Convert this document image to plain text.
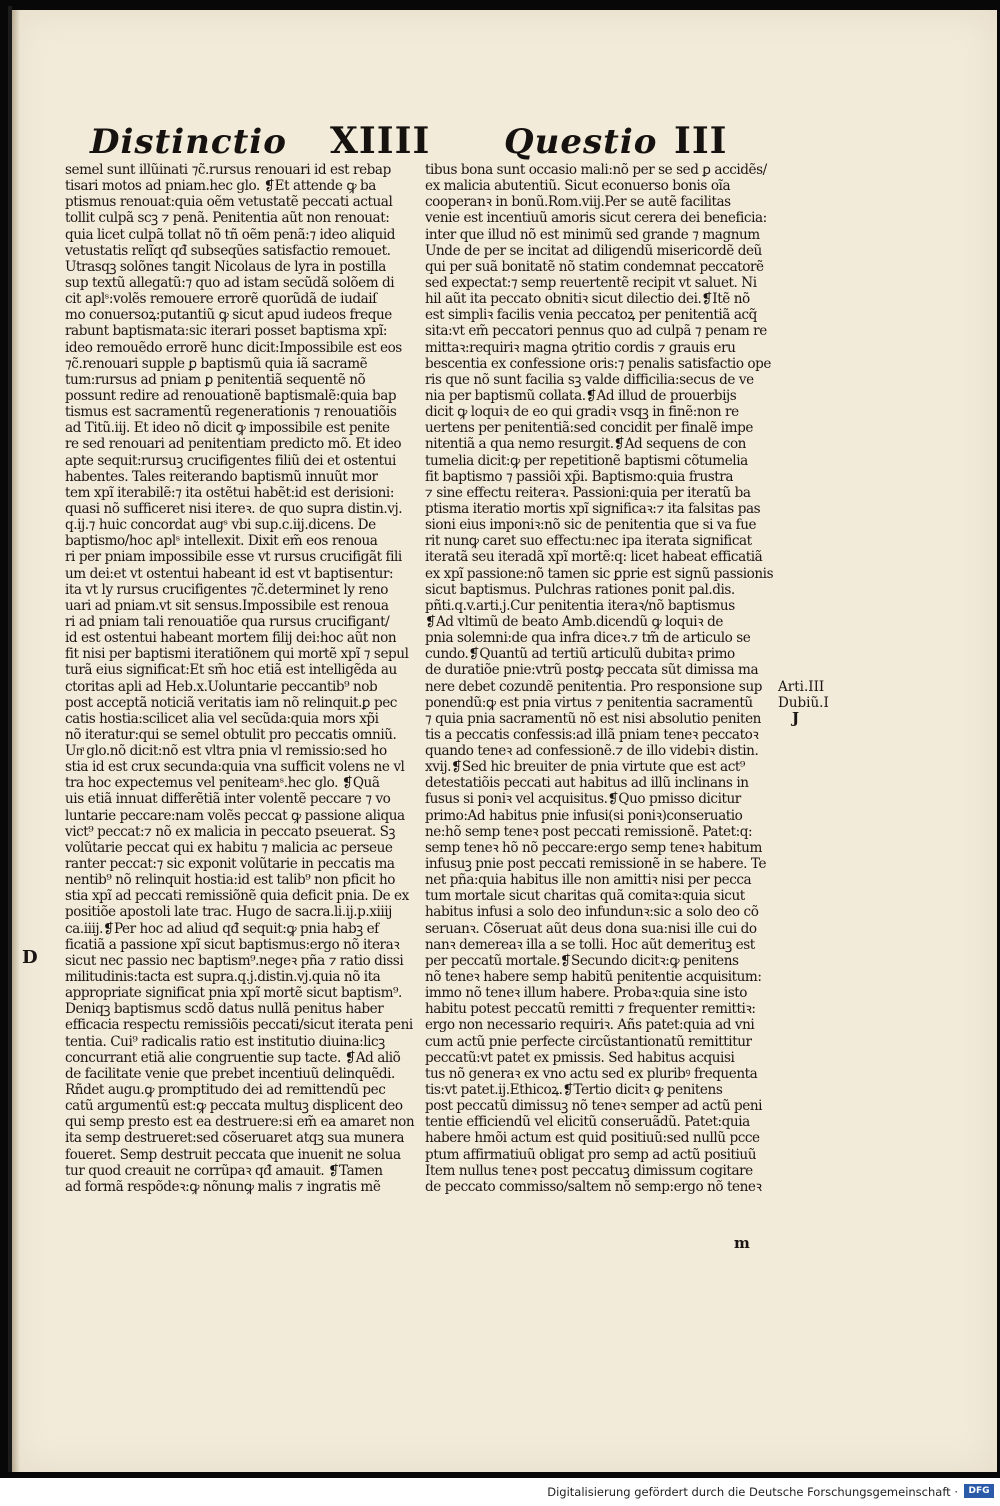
Distinctio XIIII Questio III
semel sunt illũinati ⁊c̃.rursus renouari id est rebap
tisari motos ad pniam.hec glo. ❡Et attende ꝙ ba
ptismus renouat:quia oẽm vetustatẽ peccati actual
tollit culpã scꝫ ⁊ penã. Penitentia aũt non renouat:
quia licet culpã tollat nõ tñ oẽm penã:⁊ ideo aliquid
vetustatis relĩqt qđ subseqũes satisfactio remouet.
Utrasqꝫ solõnes tangit Nicolaus de lyra in postilla
sup textũ allegatũ:⁊ quo ad istam secũdã solõem di
cit aplˢ:volẽs remouere errorẽ quorũdã de iudaiſ
mo conuersoꝝ:putantiũ ꝙ sicut apud iudeos freque
rabunt baptismata:sic iterari posset baptisma xpĩ:
ideo remouẽdo errorẽ hunc dicit:Impossibile est eos
⁊c̃.renouari supple ꝑ baptismũ quia iã sacramẽ
tum:rursus ad pniam ꝑ penitentiã sequentẽ nõ
possunt redire ad renouationẽ baptismalẽ:quia bap
tismus est sacramentũ regenerationis ⁊ renouatiõis
ad Titũ.iij. Et ideo nõ dicit ꝙ impossibile est penite
re sed renouari ad penitentiam predicto mõ. Et ideo
apte sequit:rursuꝫ crucifigentes filiũ dei et ostentui
habentes. Tales reiterando baptismũ innuũt mor
tem xpĩ iterabilẽ:⁊ ita ostẽtui habẽt:id est derisioni:
quasi nõ sufficeret nisi itereꝛ. de quo supra distin.vj.
q.ij.⁊ huic concordat augˢ vbi sup.c.iij.dicens. De
baptismo/hoc aplˢ intellexit. Dixit em̃ eos renoua
ri per pniam impossibile esse vt rursus crucifigãt fili
um dei:et vt ostentui habeant id est vt baptisentur:
ita vt ly rursus crucifigentes ⁊c̃.determinet ly reno
uari ad pniam.vt sit sensus.Impossibile est renoua
ri ad pniam tali renouatiõe qua rursus crucifigant/
id est ostentui habeant mortem filij dei:hoc aũt non
fit nisi per baptismi iteratiõnem qui mortẽ xpĩ ⁊ sepul
turã eius significat:Et sm̃ hoc etiã est intelligẽda au
ctoritas apli ad Heb.x.Uoluntarie peccantib⁹ nob
post acceptã noticiã veritatis iam nõ relinquit.ꝑ pec
catis hostia:scilicet alia vel secũda:quia mors xp̃i
nõ iteratur:qui se semel obtulit pro peccatis omniũ.
Unͣ glo.nõ dicit:nõ est vltra pnia vl̃ remissio:sed ho
stia id est crux secunda:quia vna sufficit volens ne vl
tra hoc expectemus vel peniteamˢ.hec glo. ❡Quã
uis etiã innuat differẽtiã inter volentẽ peccare ⁊ vo
luntarie peccare:nam volẽs peccat ꝙ passione aliqua
vict⁹ peccat:⁊ nõ ex malicia in peccato pseuerat. Sꝫ
volũtarie peccat qui ex habitu ⁊ malicia ac perseue
ranter peccat:⁊ sic exponit volũtarie in peccatis ma
nentib⁹ nõ relinquit hostia:id est talib⁹ non pficit ho
stia xpĩ ad peccati remissiõnẽ quia deficit pnia. De ex
positiõe apostoli late trac. Hugo de sacra.li.ij.p.xiiij
ca.iiij.❡Per hoc ad aliud qđ sequit:ꝙ pnia habꝫ ef
ficatiã a passione xpĩ sicut baptismus:ergo nõ iteraꝛ
sicut nec passio nec baptism⁹.negeꝛ pña ⁊ ratio dissi
militudinis:tacta est supra.q.j.distin.vj.quia nõ ita
appropriate significat pnia xpĩ mortẽ sicut baptism⁹.
Deniqꝫ baptismus scdõ datus nullã penitus haber
efficacia respectu remissiõis peccati/sicut iterata peni
tentia. Cui⁹ radicalis ratio est institutio diuina:licꝫ
concurrant etiã alie congruentie sup tacte. ❡Ad aliõ
de facilitate venie que prebet incentiuũ delinquẽdi.
Rñdet augu.ꝙ promptitudo dei ad remittendũ pec
catũ argumentũ est:ꝙ peccata multuꝫ displicent deo
qui semp presto est ea destruere:si em̃ ea amaret non
ita semp destrueret:sed cõseruaret atqꝫ sua munera
foueret. Semp destruit peccata que inuenit ne solua
tur quod creauit ne corrũpaꝛ qđ amauit. ❡Tamen
ad formã respõdeꝛ:ꝙ nõnunꝙ malis ⁊ ingratis mẽ
tibus bona sunt occasio mali:nõ per se sed ꝑ accidẽs/
ex malicia abutentiũ. Sicut econuerso bonis oĩa
cooperanꝛ in bonũ.Rom.viij.Per se autẽ facilitas
venie est incentiuũ amoris sicut cerera dei beneficia:
inter que illud nõ est minimũ sed grande ⁊ magnum
Unde de per se incitat ad diligendũ misericordẽ deũ
qui per suã bonitatẽ nõ statim condemnat peccatorẽ
sed expectat:⁊ semp reuertentẽ recipit vt saluet. Ni
hil aũt ita peccato obnitiꝛ sicut dilectio dei.❡Itẽ nõ
est simpliꝛ facilis venia peccatoꝝ per penitentiã acq̃
sita:vt em̃ peccatori pennus quo ad culpã ⁊ penam re
mittaꝛ:requiriꝛ magna ꝯtritio cordis ⁊ grauis eru
bescentia ex confessione oris:⁊ penalis satisfactio ope
ris que nõ sunt facilia sꝫ valde difficilia:secus de ve
nia per baptismũ collata.❡Ad illud de prouerbijs
dicit ꝙ loquiꝛ de eo qui gradiꝛ vsqꝫ in finẽ:non re
uertens per penitentiã:sed concidit per finalẽ impe
nitentiã a qua nemo resurgit.❡Ad sequens de con
tumelia dicit:ꝙ per repetitionẽ baptismi cõtumelia
fit baptismo ⁊ passiõi xp̃i. Baptismo:quia frustra
⁊ sine effectu reiteraꝛ. Passioni:quia per iteratũ ba
ptisma iteratio mortis xpĩ significaꝛ:⁊ ita falsitas pas
sioni eius imponiꝛ:nõ sic de penitentia que si va fue
rit nunꝙ caret suo effectu:nec ipa iterata significat
iteratã seu iteradã xpĩ mortẽ:q: licet habeat efficatiã
ex xpĩ passione:nõ tamen sic ꝑprie est signũ passionis
sicut baptismus. Pulchras rationes ponit pal.dis.
pñti.q.v.arti.j.Cur penitentia iteraꝛ/nõ baptismus
❡Ad vltimũ de beato Amb.dicendũ ꝙ loquiꝛ de
pnia solemni:de qua infra diceꝛ.⁊ tm̃ de articulo se
cundo.❡Quantũ ad tertiũ articulũ dubitaꝛ primo
de duratiõe pnie:vtrũ postꝙ peccata sũt dimissa ma
nere debet cozundẽ penitentia. Pro responsione sup
ponendũ:ꝙ est pnia virtus ⁊ penitentia sacramentũ
⁊ quia pnia sacramentũ nõ est nisi absolutio peniten
tis a peccatis confessis:ad illã pniam teneꝛ peccatoꝛ
quando teneꝛ ad confessionẽ.⁊ de illo videbiꝛ distin.
xvij.❡Sed hic breuiter de pnia virtute que est act⁹
detestatiõis peccati aut habitus ad illũ inclinans in
fusus si poniꝛ vel acquisitus.❡Quo pmisso dicitur
primo:Ad habitus pnie infusi(si poniꝛ)conseruatio
ne:hõ semp teneꝛ post peccati remissionẽ. Patet:q:
semp teneꝛ hõ nõ peccare:ergo semp teneꝛ habitum
infusuꝫ pnie post peccati remissionẽ in se habere. Te
net pña:quia habitus ille non amittiꝛ nisi per pecca
tum mortale sicut charitas quã comitaꝛ:quia sicut
habitus infusi a solo deo infundunꝛ:sic a solo deo cõ
seruanꝛ. Cõseruat aũt deus dona sua:nisi ille cui do
nanꝛ demereaꝛ illa a se tolli. Hoc aũt demerituꝫ est
per peccatũ mortale.❡Secundo dicitꝛ:ꝙ penitens
nõ teneꝛ habere semp habitũ penitentie acquisitum:
immo nõ teneꝛ illum habere. Probaꝛ:quia sine isto
habitu potest peccatũ remitti ⁊ frequenter remittiꝛ:
ergo non necessario requiriꝛ. Añs patet:quia ad vni
cum actũ pnie perfecte circũstantionatũ remittitur
peccatũ:vt patet ex pmissis. Sed habitus acquisi
tus nõ generaꝛ ex vno actu sed ex pluribꝰ frequenta
tis:vt patet.ij.Ethicoꝝ.❡Tertio dicitꝛ ꝙ penitens
post peccatũ dimissuꝫ nõ teneꝛ semper ad actũ peni
tentie efficiendũ vel elicitũ conseruãdũ. Patet:quia
habere hmõi actum est quid positiuũ:sed nullũ pcce
ptum affirmatiuũ obligat pro semp ad actũ positiuũ
Item nullus teneꝛ post peccatuꝫ dimissum cogitare
de peccato commisso/saltem nõ semp:ergo nõ teneꝛ
Arti.III
Dubiũ.I
J
D
m
Digitalisierung gefördert durch die Deutsche Forschungsgemeinschaft ·	DFG
